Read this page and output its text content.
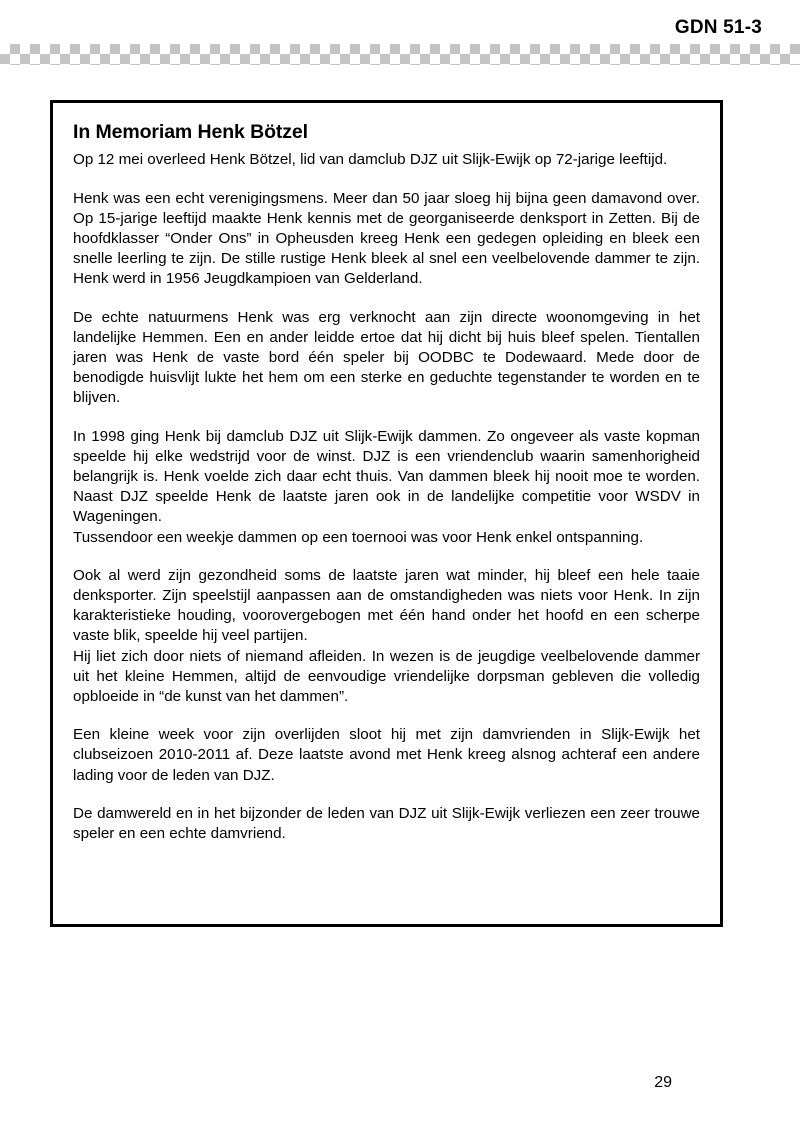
GDN 51-3
In Memoriam Henk Bötzel

Op 12 mei overleed Henk Bötzel, lid van damclub DJZ uit Slijk-Ewijk op 72-jarige leeftijd.

Henk was een echt verenigingsmens. Meer dan 50 jaar sloeg hij bijna geen damavond over. Op 15-jarige leeftijd maakte Henk kennis met de georganiseerde denksport in Zetten. Bij de hoofdklasser “Onder Ons” in Opheusden kreeg Henk een gedegen opleiding en bleek een snelle leerling te zijn. De stille rustige Henk bleek al snel een veelbelovende dammer te zijn. Henk werd in 1956 Jeugdkampioen van Gelderland.

De echte natuurmens Henk was erg verknocht aan zijn directe woonomgeving in het landelijke Hemmen. Een en ander leidde ertoe dat hij dicht bij huis bleef spelen. Tientallen jaren was Henk de vaste bord één speler bij OODBC te Dodewaard. Mede door de benodigde huisvlijt lukte het hem om een sterke en geduchte tegenstander te worden en te blijven.

In 1998 ging Henk bij damclub DJZ uit Slijk-Ewijk dammen. Zo ongeveer als vaste kopman speelde hij elke wedstrijd voor de winst. DJZ is een vriendenclub waarin samenhorigheid belangrijk is. Henk voelde zich daar echt thuis. Van dammen bleek hij nooit moe te worden. Naast DJZ speelde Henk de laatste jaren ook in de landelijke competitie voor WSDV in Wageningen.

Tussendoor een weekje dammen op een toernooi was voor Henk enkel ontspanning.

Ook al werd zijn gezondheid soms de laatste jaren wat minder, hij bleef een hele taaie denksporter. Zijn speelstijl aanpassen aan de omstandigheden was niets voor Henk. In zijn karakteristieke houding, voorovergebogen met één hand onder het hoofd en een scherpe vaste blik, speelde hij veel partijen.

Hij liet zich door niets of niemand afleiden. In wezen is de jeugdige veelbelovende dammer uit het kleine Hemmen, altijd de eenvoudige vriendelijke dorpsman gebleven die volledig opbloeide in “de kunst van het dammen”.

Een kleine week voor zijn overlijden sloot hij met zijn damvrienden in Slijk-Ewijk het clubseizoen 2010-2011 af. Deze laatste avond met Henk kreeg alsnog achteraf een andere lading voor de leden van DJZ.

De damwereld en in het bijzonder de leden van DJZ uit Slijk-Ewijk verliezen een zeer trouwe speler en een echte damvriend.

29
